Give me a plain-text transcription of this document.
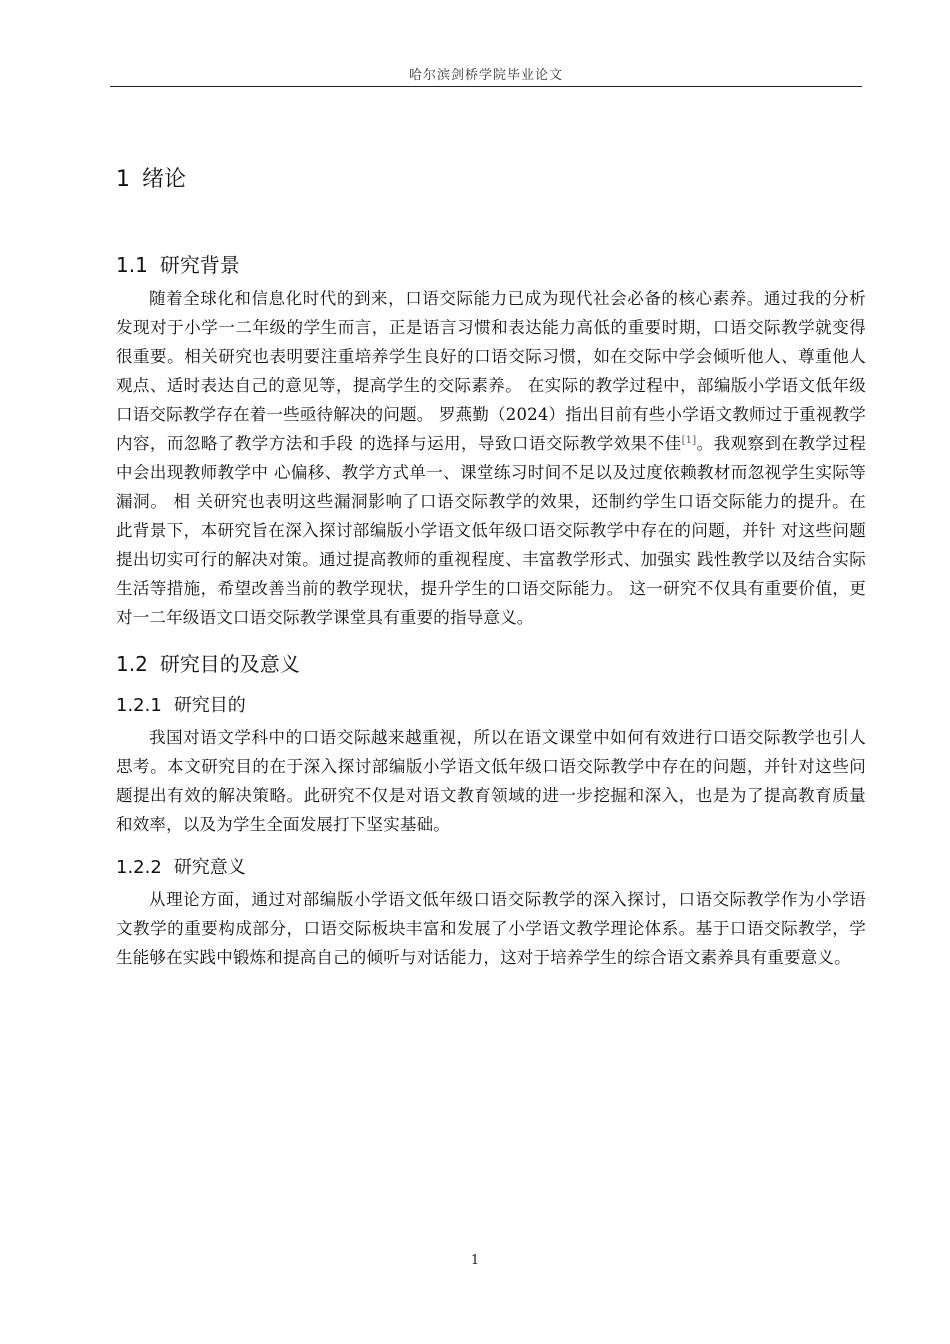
哈尔滨剑桥学院毕业论文
1 绪论
1.1 研究背景

随着全球化和信息化时代的到来，口语交际能力已成为现代社会必备的核心素养。通过我的分析发现对于小学一二年级的学生而言，正是语言习惯和表达能力高低的重要时期，口语交际教学就变得很重要。相关研究也表明要注重培养学生良好的口语交际习惯，如在交际中学会倾听他人、尊重他人观点、适时表达自己的意见等，提高学生的交际素养。 在实际的教学过程中，部编版小学语文低年级口语交际教学存在着一些亟待解决的问题。 罗燕勤（2024）指出目前有些小学语文教师过于重视教学内容，而忽略了教学方法和手段 的选择与运用，导致口语交际教学效果不佳[1]。我观察到在教学过程中会出现教师教学中 心偏移、教学方式单一、课堂练习时间不足以及过度依赖教材而忽视学生实际等漏洞。 相 关研究也表明这些漏洞影响了口语交际教学的效果，还制约学生口语交际能力的提升。在 此背景下，本研究旨在深入探讨部编版小学语文低年级口语交际教学中存在的问题，并针 对这些问题提出切实可行的解决对策。通过提高教师的重视程度、丰富教学形式、加强实 践性教学以及结合实际生活等措施，希望改善当前的教学现状，提升学生的口语交际能力。 这一研究不仅具有重要价值，更对一二年级语文口语交际教学课堂具有重要的指导意义。

1.2 研究目的及意义
1.2.1 研究目的

我国对语文学科中的口语交际越来越重视，所以在语文课堂中如何有效进行口语交际教学也引人思考。本文研究目的在于深入探讨部编版小学语文低年级口语交际教学中存在的问题，并针对这些问题提出有效的解决策略。此研究不仅是对语文教育领域的进一步挖掘和深入，也是为了提高教育质量和效率，以及为学生全面发展打下坚实基础。

1.2.2 研究意义

从理论方面，通过对部编版小学语文低年级口语交际教学的深入探讨，口语交际教学作为小学语文教学的重要构成部分，口语交际板块丰富和发展了小学语文教学理论体系。基于口语交际教学，学生能够在实践中锻炼和提高自己的倾听与对话能力，这对于培养学生的综合语文素养具有重要意义。

1
